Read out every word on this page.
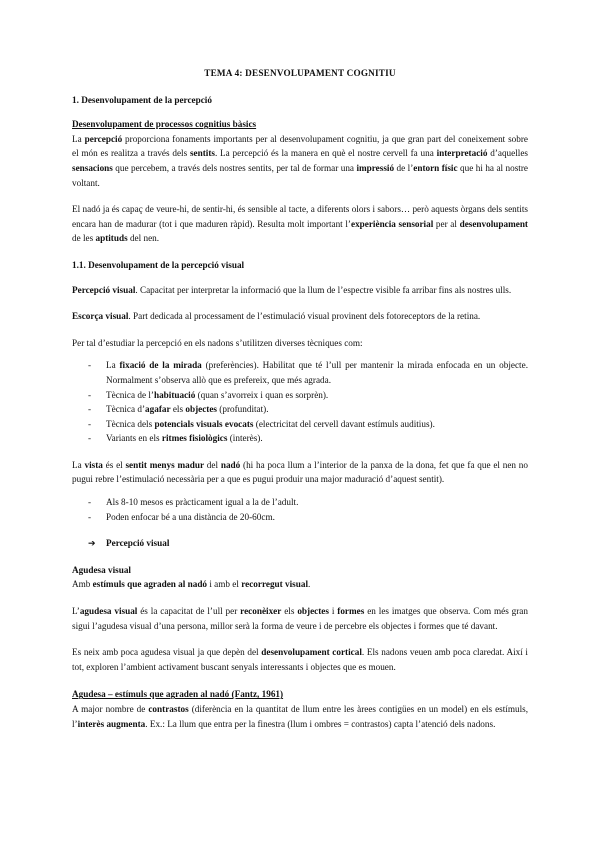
TEMA 4: DESENVOLUPAMENT COGNITIU

1. Desenvolupament de la percepció

Desenvolupament de processos cognitius bàsics

La percepció proporciona fonaments importants per al desenvolupament cognitiu, ja que gran part del coneixement sobre el món es realitza a través dels sentits. La percepció és la manera en què el nostre cervell fa una interpretació d’aquelles sensacions que percebem, a través dels nostres sentits, per tal de formar una impressió de l’entorn físic que hi ha al nostre voltant.

El nadó ja és capaç de veure-hi, de sentir-hi, és sensible al tacte, a diferents olors i sabors… però aquests òrgans dels sentits encara han de madurar (tot i que maduren ràpid). Resulta molt important l’experiència sensorial per al desenvolupament de les aptituds del nen.

1.1. Desenvolupament de la percepció visual

Percepció visual. Capacitat per interpretar la informació que la llum de l’espectre visible fa arribar fins als nostres ulls.

Escorça visual. Part dedicada al processament de l’estimulació visual provinent dels fotoreceptors de la retina.

Per tal d’estudiar la percepció en els nadons s’utilitzen diverses tècniques com:

- La fixació de la mirada (preferències). Habilitat que té l’ull per mantenir la mirada enfocada en un objecte. Normalment s’observa allò que es prefereix, que més agrada.
- Tècnica de l’habituació (quan s’avorreix i quan es sorprèn).
- Tècnica d’agafar els objectes (profunditat).
- Tècnica dels potencials visuals evocats (electricitat del cervell davant estímuls auditius).
- Variants en els ritmes fisiològics (interès).

La vista és el sentit menys madur del nadó (hi ha poca llum a l’interior de la panxa de la dona, fet que fa que el nen no pugui rebre l’estimulació necessària per a que es pugui produir una major maduració d’aquest sentit).

- Als 8-10 mesos es pràcticament igual a la de l’adult.
- Poden enfocar bé a una distància de 20-60cm.

➔ Percepció visual

Agudesa visual

Amb estímuls que agraden al nadó i amb el recorregut visual.

L’agudesa visual és la capacitat de l’ull per reconèixer els objectes i formes en les imatges que observa. Com més gran sigui l’agudesa visual d’una persona, millor serà la forma de veure i de percebre els objectes i formes que té davant.

Es neix amb poca agudesa visual ja que depèn del desenvolupament cortical. Els nadons veuen amb poca claredat. Així i tot, exploren l’ambient activament buscant senyals interessants i objectes que es mouen.

Agudesa – estímuls que agraden al nadó (Fantz, 1961)

A major nombre de contrastos (diferència en la quantitat de llum entre les àrees contigües en un model) en els estímuls, l’interès augmenta. Ex.: La llum que entra per la finestra (llum i ombres = contrastos) capta l’atenció dels nadons.
